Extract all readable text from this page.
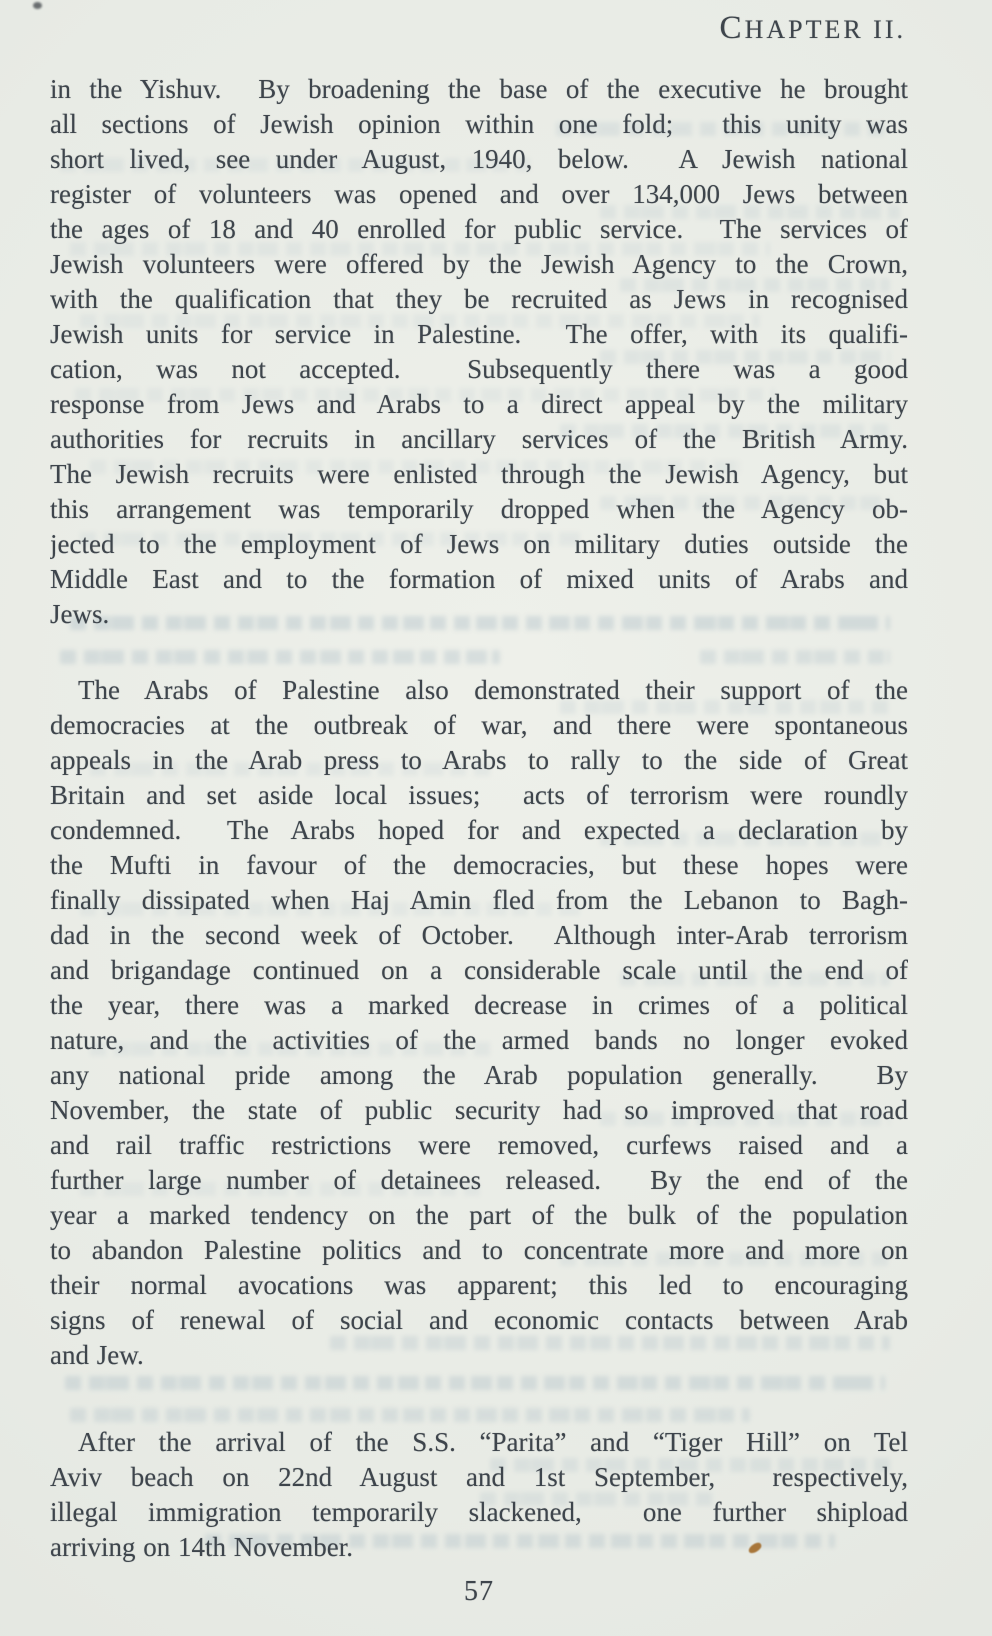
CHAPTER II.
in the Yishuv.  By broadening the base of the executive he brought
all sections of Jewish opinion within one fold;  this unity was
short lived, see under August, 1940, below.  A Jewish national
register of volunteers was opened and over 134,000 Jews between
the ages of 18 and 40 enrolled for public service.  The services of
Jewish volunteers were offered by the Jewish Agency to the Crown,
with the qualification that they be recruited as Jews in recognised
Jewish units for service in Palestine.  The offer, with its qualifi-
cation, was not accepted.  Subsequently there was a good
response from Jews and Arabs to a direct appeal by the military
authorities for recruits in ancillary services of the British Army.
The Jewish recruits were enlisted through the Jewish Agency, but
this arrangement was temporarily dropped when the Agency ob-
jected to the employment of Jews on military duties outside the
Middle East and to the formation of mixed units of Arabs and
Jews.
The Arabs of Palestine also demonstrated their support of the
democracies at the outbreak of war, and there were spontaneous
appeals in the Arab press to Arabs to rally to the side of Great
Britain and set aside local issues;  acts of terrorism were roundly
condemned.  The Arabs hoped for and expected a declaration by
the Mufti in favour of the democracies, but these hopes were
finally dissipated when Haj Amin fled from the Lebanon to Bagh-
dad in the second week of October.  Although inter-Arab terrorism
and brigandage continued on a considerable scale until the end of
the year, there was a marked decrease in crimes of a political
nature, and the activities of the armed bands no longer evoked
any national pride among the Arab population generally.  By
November, the state of public security had so improved that road
and rail traffic restrictions were removed, curfews raised and a
further large number of detainees released.  By the end of the
year a marked tendency on the part of the bulk of the population
to abandon Palestine politics and to concentrate more and more on
their normal avocations was apparent; this led to encouraging
signs of renewal of social and economic contacts between Arab
and Jew.
After the arrival of the S.S. “Parita” and “Tiger Hill” on Tel
Aviv beach on 22nd August and 1st September,  respectively,
illegal immigration temporarily slackened,  one further shipload
arriving on 14th November.
57
